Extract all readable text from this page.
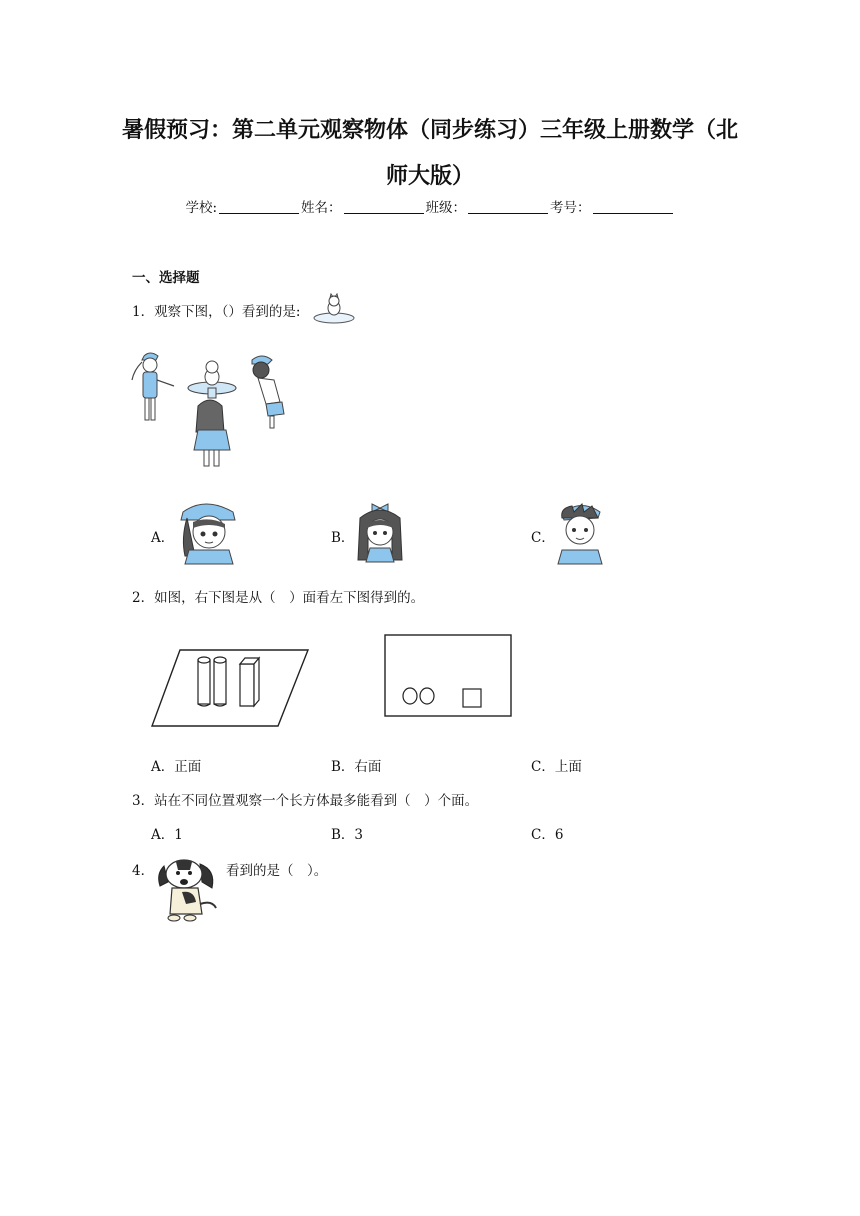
暑假预习：第二单元观察物体（同步练习）三年级上册数学（北师大版）
学校:	姓名：	班级：	考号：
一、选择题
1．观察下图，（）看到的是:
A．	B．	C．
2．如图，右下图是从（　）面看左下图得到的。
A．正面	B．右面	C．上面
3．站在不同位置观察一个长方体最多能看到（　）个面。
A．1	B．3	C．6
4．	看到的是（　）。
